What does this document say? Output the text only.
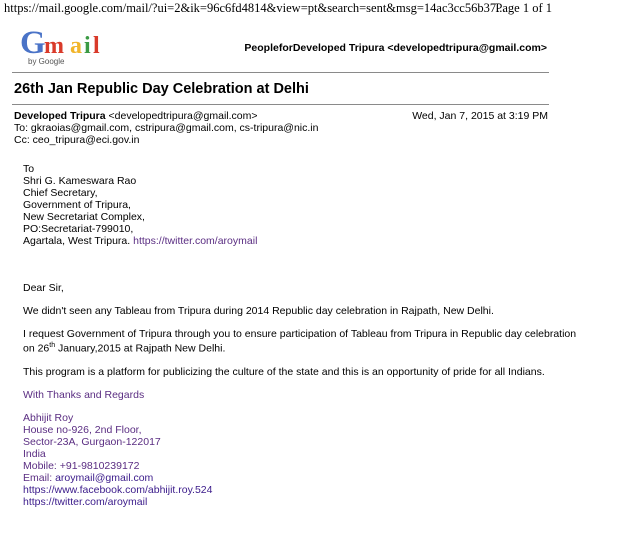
https://mail.google.com/mail/?ui=2&ik=96c6fd4814&view=pt&search=sent&msg=14ac3cc56b37...
Page 1 of 1
G
m a i l
by Google
PeopleforDeveloped Tripura <developedtripura@gmail.com>
26th Jan Republic Day Celebration at Delhi
Developed Tripura <developedtripura@gmail.com>	Wed, Jan 7, 2015 at 3:19 PM
To: gkraoias@gmail.com, cstripura@gmail.com, cs-tripura@nic.in
Cc: ceo_tripura@eci.gov.in
To
Shri G. Kameswara Rao
Chief Secretary,
Government of Tripura,
New Secretariat Complex,
PO:Secretariat-799010,
Agartala, West Tripura. https://twitter.com/aroymail

Dear Sir,

We didn't seen any Tableau from Tripura during 2014 Republic day celebration in Rajpath, New Delhi.

I request Government of Tripura through you to ensure participation of Tableau from Tripura in Republic day celebration on 26th January,2015 at Rajpath New Delhi.

This program is a platform for publicizing the culture of the state and this is an opportunity of pride for all Indians.

With Thanks and Regards

Abhijit Roy
House no-926, 2nd Floor,
Sector-23A, Gurgaon-122017
India
Mobile: +91-9810239172
Email: aroymail@gmail.com
https://www.facebook.com/abhijit.roy.524
https://twitter.com/aroymail
